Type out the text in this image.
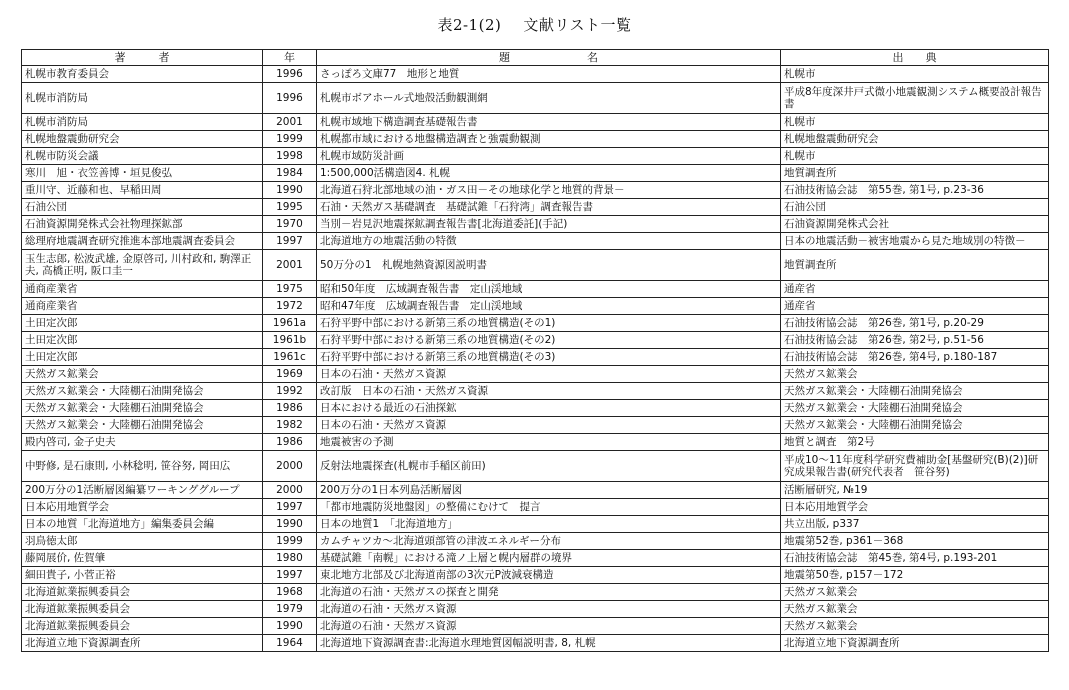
表2-1(2) 文献リスト一覧
著　　　者	年	題　　　　　　　名	出　　典
札幌市教育委員会	1996	さっぽろ文庫77　地形と地質	札幌市
札幌市消防局	1996	札幌市ボアホール式地殻活動観測網	平成8年度深井戸式微小地震観測システム概要設計報告書
札幌市消防局	2001	札幌市域地下構造調査基礎報告書	札幌市
札幌地盤震動研究会	1999	札幌都市域における地盤構造調査と強震動観測	札幌地盤震動研究会
札幌市防災会議	1998	札幌市域防災計画	札幌市
寒川　旭・衣笠善博・垣見俊弘	1984	1:500,000活構造図4. 札幌	地質調査所
重川守、近藤和也、早稲田周	1990	北海道石狩北部地域の油・ガス田－その地球化学と地質的背景－	石油技術協会誌　第55巻, 第1号, p.23-36
石油公団	1995	石油・天然ガス基礎調査　基礎試錐「石狩湾」調査報告書	石油公団
石油資源開発株式会社物理探鉱部	1970	当別－岩見沢地震探鉱調査報告書[北海道委託](手記)	石油資源開発株式会社
総理府地震調査研究推進本部地震調査委員会	1997	北海道地方の地震活動の特徴	日本の地震活動－被害地震から見た地域別の特徴－
玉生志郎, 松波武雄, 金原啓司, 川村政和, 駒澤正夫, 高橋正明, 阪口圭一	2001	50万分の1　札幌地熱資源図説明書	地質調査所
通商産業省	1975	昭和50年度　広域調査報告書　定山渓地域	通産省
通商産業省	1972	昭和47年度　広域調査報告書　定山渓地域	通産省
土田定次郎	1961a	石狩平野中部における新第三系の地質構造(その1)	石油技術協会誌　第26巻, 第1号, p.20-29
土田定次郎	1961b	石狩平野中部における新第三系の地質構造(その2)	石油技術協会誌　第26巻, 第2号, p.51-56
土田定次郎	1961c	石狩平野中部における新第三系の地質構造(その3)	石油技術協会誌　第26巻, 第4号, p.180-187
天然ガス鉱業会	1969	日本の石油・天然ガス資源	天然ガス鉱業会
天然ガス鉱業会・大陸棚石油開発協会	1992	改訂版　日本の石油・天然ガス資源	天然ガス鉱業会・大陸棚石油開発協会
天然ガス鉱業会・大陸棚石油開発協会	1986	日本における最近の石油探鉱	天然ガス鉱業会・大陸棚石油開発協会
天然ガス鉱業会・大陸棚石油開発協会	1982	日本の石油・天然ガス資源	天然ガス鉱業会・大陸棚石油開発協会
殿内啓司, 金子史夫	1986	地震被害の予測	地質と調査　第2号
中野修, 是石康則, 小林稔明, 笹谷努, 岡田広	2000	反射法地震探査(札幌市手稲区前田)	平成10～11年度科学研究費補助金[基盤研究(B)(2)]研究成果報告書(研究代表者　笹谷努)
200万分の1活断層図編纂ワーキンググループ	2000	200万分の1日本列島活断層図	活断層研究, №19
日本応用地質学会	1997	「都市地震防災地盤図」の整備にむけて　提言	日本応用地質学会
日本の地質「北海道地方」編集委員会編	1990	日本の地質1　「北海道地方」	共立出版, p337
羽鳥徳太郎	1999	カムチャツカ～北海道頭部管の津波エネルギー分布	地震第52巻, p361－368
藤岡展价, 佐賀肇	1980	基礎試錐「南幌」における滝ノ上層と幌内層群の境界	石油技術協会誌　第45巻, 第4号, p.193-201
細田貴子, 小菅正裕	1997	東北地方北部及び北海道南部の3次元P波減衰構造	地震第50巻, p157－172
北海道鉱業振興委員会	1968	北海道の石油・天然ガスの探査と開発	天然ガス鉱業会
北海道鉱業振興委員会	1979	北海道の石油・天然ガス資源	天然ガス鉱業会
北海道鉱業振興委員会	1990	北海道の石油・天然ガス資源	天然ガス鉱業会
北海道立地下資源調査所	1964	北海道地下資源調査書:北海道水理地質図幅説明書, 8, 札幌	北海道立地下資源調査所
